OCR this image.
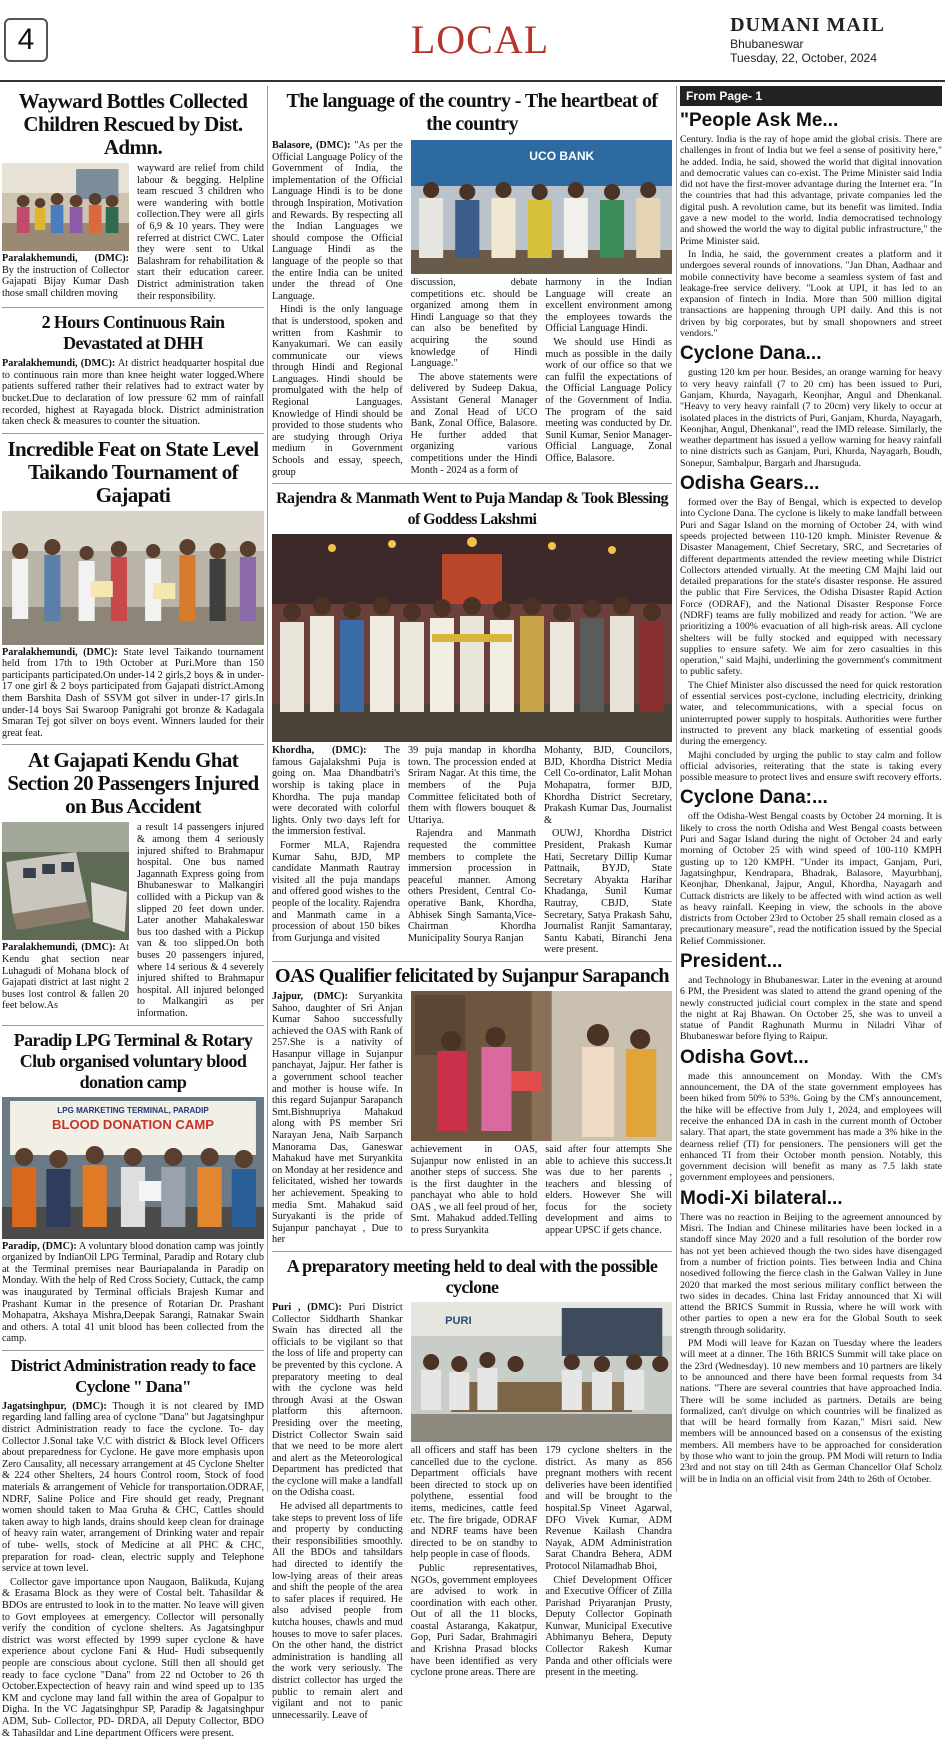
4	LOCAL	DUMANI MAIL
Bhubaneswar
Tuesday, 22, October, 2024
Wayward Bottles Collected Children Rescued by Dist. Admn.

Paralakhemundi, (DMC): By the instruction of Collector Gajapati Bijay Kumar Dash those small children moving

wayward are relief from child labour & begging. Helpline team rescued 3 children who were wandering with bottle collection.They were all girls of 6,9 & 10 years. They were referred at district CWC. Later they were sent to Utkal Balashram for rehabilitation & start their education career. District administration taken their responsibility.

2 Hours Continuous Rain Devastated at DHH

Paralakhemundi, (DMC): At district headquarter hospital due to continuous rain more than knee height water logged.Where patients suffered rather their relatives had to extract water by bucket.Due to declaration of low pressure 62 mm of rainfall recorded, highest at Rayagada block. District administration taken check & measures to counter the situation.

Incredible Feat on State Level Taikando Tournament of Gajapati

Paralakhemundi, (DMC): State level Taikando tournament held from 17th to 19th October at Puri.More than 150 participants participated.On under-14 2 girls,2 boys & in under-17 one girl & 2 boys participated from Gajapati district.Among them Barshita Dash of SSVM got silver in under-17 girls.In under-14 boys Sai Swaroop Panigrahi got bronze & Kadagala Smaran Tej got silver on boys event. Winners lauded for their great feat.

At Gajapati Kendu Ghat Section 20 Passengers Injured on Bus Accident

Paralakhemundi, (DMC): At Kendu ghat section near Luhagudi of Mohana block of Gajapati district at last night 2 buses lost control & fallen 20 feet below.As

a result 14 passengers injured & among them 4 seriously injured shifted to Brahmapur hospital. One bus named Jagannath Express going from Bhubaneswar to Malkangiri collided with a Pickup van & slipped 20 feet down under. Later another Mahakaleswar bus too dashed with a Pickup van & too slipped.On both buses 20 passengers injured, where 14 serious & 4 severely injured shifted to Brahmapur hospital. All injured belonged to Malkangiri as per information.

Paradip LPG Terminal & Rotary Club organised voluntary blood donation camp
LPG MARKETING TERMINAL, PARADIP
BLOOD DONATION CAMP

Paradip, (DMC): A voluntary blood donation camp was jointly organized by IndianOil LPG Terminal, Paradip and Rotary club at the Terminal premises near Bauriapalanda in Paradip on Monday. With the help of Red Cross Society, Cuttack, the camp was inaugurated by Terminal officials Brajesh Kumar and Prashant Kumar in the presence of Rotarian Dr. Prashant Mohapatra, Akshaya Mishra,Deepak Sarangi, Ratnakar Swain and others. A total 41 unit blood has been collected from the camp.

District Administration ready to face Cyclone " Dana"

Jagatsinghpur, (DMC): Though it is not cleared by IMD regarding land falling area of cyclone "Dana" but Jagatsinghpur district Administration ready to face the cyclone. To- day Collector J.Sonal take V.C with district & Block level Officers about preparedness for Cyclone. He gave more emphasis upon Zero Causality, all necessary arrangement at 45 Cyclone Shelter & 224 other Shelters, 24 hours Control room, Stock of food materials & arrangement of Vehicle for transportation.ODRAF, NDRF, Saline Police and Fire should get ready, Pregnant women should taken to Maa Gruha & CHC, Cattles should taken away to high lands, drains should keep clean for drainage of heavy rain water, arrangement of Drinking water and repair of tube- wells, stock of Medicine at all PHC & CHC, preparation for road- clean, electric supply and Telephone service at town level.

Collector gave importance upon Naugaon, Balikuda, Kujang & Erasama Block as they were of Costal belt. Tahasildar & BDOs are entrusted to look in to the matter. No leave will given to Govt employees at emergency. Collector will personally verify the condition of cyclone shelters. As Jagatsinghpur district was worst effected by 1999 super cyclone & have experience about cyclone Fani & Hud- Hudi subsequently people are conscious about cyclone. Still then all should get ready to face cyclone "Dana" from 22 nd October to 26 th October.Expectection of heavy rain and wind speed up to 135 KM and cyclone may land fall within the area of Gopalpur to Digha. In the VC Jagatsinghpur SP, Paradip & Jagatsinghpur ADM, Sub- Collector, PD- DRDA, all Deputy Collector, BDO & Tahasildar and Line department Officers were present.

The language of the country - The heartbeat of the country

Balasore, (DMC): "As per the Official Language Policy of the Government of India, the implementation of the Official Language Hindi is to be done through Inspiration, Motivation and Rewards. By respecting all the Indian Languages we should compose the Official Language Hindi as the language of the people so that the entire India can be united under the thread of One Language.

Hindi is the only language that is understood, spoken and written from Kashmir to Kanyakumari. We can easily communicate our views through Hindi and Regional Languages. Hindi should be promulgated with the help of Regional Languages. Knowledge of Hindi should be provided to those students who are studying through Oriya medium in Government Schools and essay, speech, group

UCO BANK

discussion, debate competitions etc. should be organized among them in Hindi Language so that they can also be benefited by acquiring the sound knowledge of Hindi Language."

The above statements were delivered by Sudeep Dakua, Assistant General Manager and Zonal Head of UCO Bank, Zonal Office, Balasore. He further added that organizing various competitions under the Hindi Month - 2024 as a form of

harmony in the Indian Language will create an excellent environment among the employees towards the Official Language Hindi.

We should use Hindi as much as possible in the daily work of our office so that we can fulfil the expectations of the Official Language Policy of the Government of India. The program of the said meeting was conducted by Dr. Sunil Kumar, Senior Manager- Official Language, Zonal Office, Balasore.

Rajendra & Manmath Went to Puja Mandap & Took Blessing of Goddess Lakshmi

Khordha, (DMC): The famous Gajalakshmi Puja is going on. Maa Dhandbatri's worship is taking place in Khordha. The puja mandap were decorated with colorful lights. Only two days left for the immersion festival.

Former MLA, Rajendra Kumar Sahu, BJD, MP candidate Manmath Rautray visited all the puja mandaps and offered good wishes to the people of the locality. Rajendra and Manmath came in a procession of about 150 bikes from Gurjunga and visited

39 puja mandap in khordha town. The procession ended at Sriram Nagar. At this time, the members of the Puja Committee felicitated both of them with flowers bouquet & Uttariya.

Rajendra and Manmath requested the committee members to complete the immersion procession in peaceful manner. Among others President, Central Co-operative Bank, Khordha, Abhisek Singh Samanta,Vice-Chairman Khordha Municipality Sourya Ranjan

Mohanty, BJD, Councilors, BJD, Khordha District Media Cell Co-ordinator, Lalit Mohan Mohapatra, former BJD, Khordha District Secretary, Prakash Kumar Das, Journalist &

OUWJ, Khordha District President, Prakash Kumar Hati, Secretary Dillip Kumar Pattnaik, BYJD, State Secretary Abyakta Harihar Khadanga, Sunil Kumar Rautray, CBJD, State Secretary, Satya Prakash Sahu, Journalist Ranjit Samantaray, Santu Kabati, Biranchi Jena were present.

OAS Qualifier felicitated by Sujanpur Sarapanch

Jajpur, (DMC): Suryankita Sahoo, daughter of Sri Anjan Kumar Sahoo successfully achieved the OAS with Rank of 257.She is a nativity of Hasanpur village in Sujanpur panchayat, Jajpur. Her father is a government school teacher and mother is house wife. In this regard Sujanpur Sarapanch Smt.Bishnupriya Mahakud along with PS member Sri Narayan Jena, Naib Sarpanch Manorama Das, Ganeswar Mahakud have met Suryankita on Monday at her residence and felicitated, wished her towards her achievement. Speaking to media Smt. Mahakud said Suryakanti is the pride of Sujanpur panchayat , Due to her

achievement in OAS, Sujanpur now enlisted in an another steps of success. She is the first daughter in the panchayat who able to hold OAS , we all feel proud of her, Smt. Mahakud added.Telling to press Suryankita

said after four attempts She able to achieve this success.It was due to her parents , teachers and blessing of elders. However She will focus for the society development and aims to appear UPSC if gets chance.

A preparatory meeting held to deal with the possible cyclone

Puri , (DMC): Puri District Collector Siddharth Shankar Swain has directed all the officials to be vigilant so that the loss of life and property can be prevented by this cyclone. A preparatory meeting to deal with the cyclone was held through Avasi at the Oswan platform this afternoon. Presiding over the meeting, District Collector Swain said that we need to be more alert and alert as the Meteorological Department has predicted that the cyclone will make a landfall on the Odisha coast.

He advised all departments to take steps to prevent loss of life and property by conducting their responsibilities smoothly. All the BDOs and tahsildars had directed to identify the low-lying areas of their areas and shift the people of the area to safer places if required. He also advised people from kutcha houses, chawls and mud houses to move to safer places. On the other hand, the district administration is handling all the work very seriously. The district collector has urged the public to remain alert and vigilant and not to panic unnecessarily. Leave of

PURI

all officers and staff has been cancelled due to the cyclone. Department officials have been directed to stock up on polythene, essential food items, medicines, cattle feed etc. The fire brigade, ODRAF and NDRF teams have been directed to be on standby to help people in case of floods.

Public representatives, NGOs, government employees are advised to work in coordination with each other. Out of all the 11 blocks, coastal Astaranga, Kakatpur, Gop, Puri Sadar, Brahmagiri and Krishna Prasad blocks have been identified as very cyclone prone areas. There are

179 cyclone shelters in the district. As many as 856 pregnant mothers with recent deliveries have been identified and will be brought to the hospital.Sp Vineet Agarwal, DFO Vivek Kumar, ADM Revenue Kailash Chandra Nayak, ADM Administration Sarat Chandra Behera, ADM Protocol Nilamadhab Bhoi,

Chief Development Officer and Executive Officer of Zilla Parishad Priyaranjan Prusty, Deputy Collector Gopinath Kunwar, Municipal Executive Abhimanyu Behera, Deputy Collector Rakesh Kumar Panda and other officials were present in the meeting.

From Page- 1
"People Ask Me...

Century. India is the ray of hope amid the global crisis. There are challenges in front of India but we feel a sense of positivity here," he added. India, he said, showed the world that digital innovation and democratic values can co-exist. The Prime Minister said India did not have the first-mover advantage during the Internet era. "In the countries that had this advantage, private companies led the digital push. A revolution came, but its benefit was limited. India gave a new model to the world. India democratised technology and showed the world the way to digital public infrastructure," the Prime Minister said.

In India, he said, the government creates a platform and it undergoes several rounds of innovations. "Jan Dhan, Aadhaar and mobile connectivity have become a seamless system of fast and leakage-free service delivery. "Look at UPI, it has led to an expansion of fintech in India. More than 500 million digital transactions are happening through UPI daily. And this is not driven by big corporates, but by small shopowners and street vendors."

Cyclone Dana...

gusting 120 km per hour. Besides, an orange warning for heavy to very heavy rainfall (7 to 20 cm) has been issued to Puri, Ganjam, Khurda, Nayagarh, Keonjhar, Angul and Dhenkanal. "Heavy to very heavy rainfall (7 to 20cm) very likely to occur at isolated places in the districts of Puri, Ganjam, Khurda, Nayagarh, Keonjhar, Angul, Dhenkanal", read the IMD release. Similarly, the weather department has issued a yellow warning for heavy rainfall to nine districts such as Ganjam, Puri, Khurda, Nayagarh, Boudh, Sonepur, Sambalpur, Bargarh and Jharsuguda.

Odisha Gears...

formed over the Bay of Bengal, which is expected to develop into Cyclone Dana. The cyclone is likely to make landfall between Puri and Sagar Island on the morning of October 24, with wind speeds projected between 110-120 kmph. Minister Revenue & Disaster Management, Chief Secretary, SRC, and Secretaries of different departments attended the review meeting while District Collectors attended virtually. At the meeting CM Majhi laid out detailed preparations for the state's disaster response. He assured the public that Fire Services, the Odisha Disaster Rapid Action Force (ODRAF), and the National Disaster Response Force (NDRF) teams are fully mobilized and ready for action. "We are prioritizing a 100% evacuation of all high-risk areas. All cyclone shelters will be fully stocked and equipped with necessary supplies to ensure safety. We aim for zero casualties in this operation," said Majhi, underlining the government's commitment to public safety.

The Chief Minister also discussed the need for quick restoration of essential services post-cyclone, including electricity, drinking water, and telecommunications, with a special focus on uninterrupted power supply to hospitals. Authorities were further instructed to prevent any black marketing of essential goods during the emergency.

Majhi concluded by urging the public to stay calm and follow official advisories, reiterating that the state is taking every possible measure to protect lives and ensure swift recovery efforts.

Cyclone Dana:...

off the Odisha-West Bengal coasts by October 24 morning. It is likely to cross the north Odisha and West Bengal coasts between Puri and Sagar Island during the night of October 24 and early morning of October 25 with wind speed of 100-110 KMPH gusting up to 120 KMPH. "Under its impact, Ganjam, Puri, Jagatsinghpur, Kendrapara, Bhadrak, Balasore, Mayurbhanj, Keonjhar, Dhenkanal, Jajpur, Angul, Khordha, Nayagarh and Cuttack districts are likely to be affected with wind action as well as heavy rainfall. Keeping in view, the schools in the above districts from October 23rd to October 25 shall remain closed as a precautionary measure", read the notification issued by the Special Relief Commissioner.

President...

and Technology in Bhubaneswar. Later in the evening at around 6 PM, the President was slated to attend the grand opening of the newly constructed judicial court complex in the state and spend the night at Raj Bhawan. On October 25, she was to unveil a statue of Pandit Raghunath Murmu in Niladri Vihar of Bhubaneswar before flying to Raipur.

Odisha Govt...

made this announcement on Monday. With the CM's announcement, the DA of the state government employees has been hiked from 50% to 53%. Going by the CM's announcement, the hike will be effective from July 1, 2024, and employees will receive the enhanced DA in cash in the current month of October salary. That apart, the state government has made a 3% hike in the dearness relief (TI) for pensioners. The pensioners will get the enhanced TI from their October month pension. Notably, this government decision will benefit as many as 7.5 lakh state government employees and pensioners.

Modi-Xi bilateral...

There was no reaction in Beijing to the agreement announced by Misri. The Indian and Chinese militaries have been locked in a standoff since May 2020 and a full resolution of the border row has not yet been achieved though the two sides have disengaged from a number of friction points. Ties between India and China nosedived following the fierce clash in the Galwan Valley in June 2020 that marked the most serious military conflict between the two sides in decades. China last Friday announced that Xi will attend the BRICS Summit in Russia, where he will work with other parties to open a new era for the Global South to seek strength through solidarity.

PM Modi will leave for Kazan on Tuesday where the leaders will meet at a dinner. The 16th BRICS Summit will take place on the 23rd (Wednesday). 10 new members and 10 partners are likely to be announced and there have been formal requests from 34 nations. "There are several countries that have approached India. There will be some included as partners. Details are being formalized, can't divulge on which countries will be finalized as that will be heard formally from Kazan," Misri said. New members will be announced based on a consensus of the existing members. All members have to be approached for consideration by those who want to join the group. PM Modi will return to India 23rd and not stay on till 24th as German Chancellor Olaf Scholz will be in India on an official visit from 24th to 26th of October.
